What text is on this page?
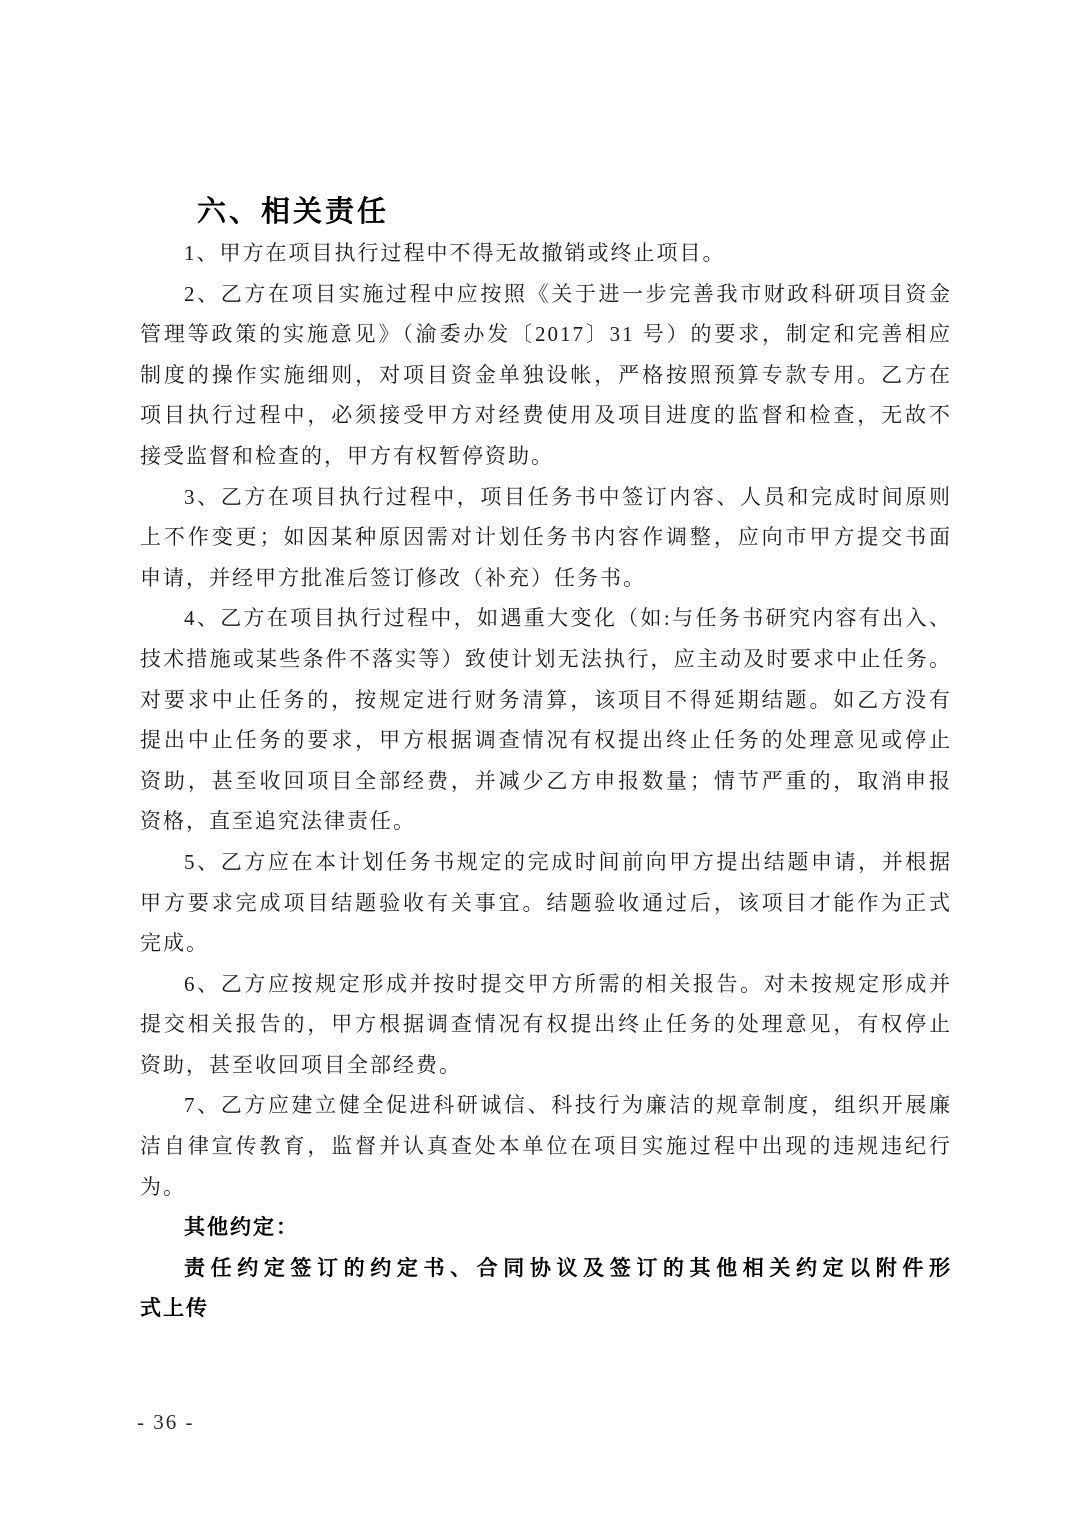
六、相关责任

1、甲方在项目执行过程中不得无故撤销或终止项目。

2、乙方在项目实施过程中应按照《关于进一步完善我市财政科研项目资金
管理等政策的实施意见》（渝委办发〔2017〕31 号）的要求，制定和完善相应
制度的操作实施细则，对项目资金单独设帐，严格按照预算专款专用。乙方在
项目执行过程中，必须接受甲方对经费使用及项目进度的监督和检查，无故不
接受监督和检查的，甲方有权暂停资助。

3、乙方在项目执行过程中，项目任务书中签订内容、人员和完成时间原则
上不作变更；如因某种原因需对计划任务书内容作调整，应向市甲方提交书面
申请，并经甲方批准后签订修改（补充）任务书。

4、乙方在项目执行过程中，如遇重大变化（如:与任务书研究内容有出入、
技术措施或某些条件不落实等）致使计划无法执行，应主动及时要求中止任务。
对要求中止任务的，按规定进行财务清算，该项目不得延期结题。如乙方没有
提出中止任务的要求，甲方根据调查情况有权提出终止任务的处理意见或停止
资助，甚至收回项目全部经费，并减少乙方申报数量；情节严重的，取消申报
资格，直至追究法律责任。

5、乙方应在本计划任务书规定的完成时间前向甲方提出结题申请，并根据
甲方要求完成项目结题验收有关事宜。结题验收通过后，该项目才能作为正式
完成。

6、乙方应按规定形成并按时提交甲方所需的相关报告。对未按规定形成并
提交相关报告的，甲方根据调查情况有权提出终止任务的处理意见，有权停止
资助，甚至收回项目全部经费。

7、乙方应建立健全促进科研诚信、科技行为廉洁的规章制度，组织开展廉
洁自律宣传教育，监督并认真查处本单位在项目实施过程中出现的违规违纪行
为。

其他约定：

责任约定签订的约定书、合同协议及签订的其他相关约定以附件形
式上传

- 36 -
